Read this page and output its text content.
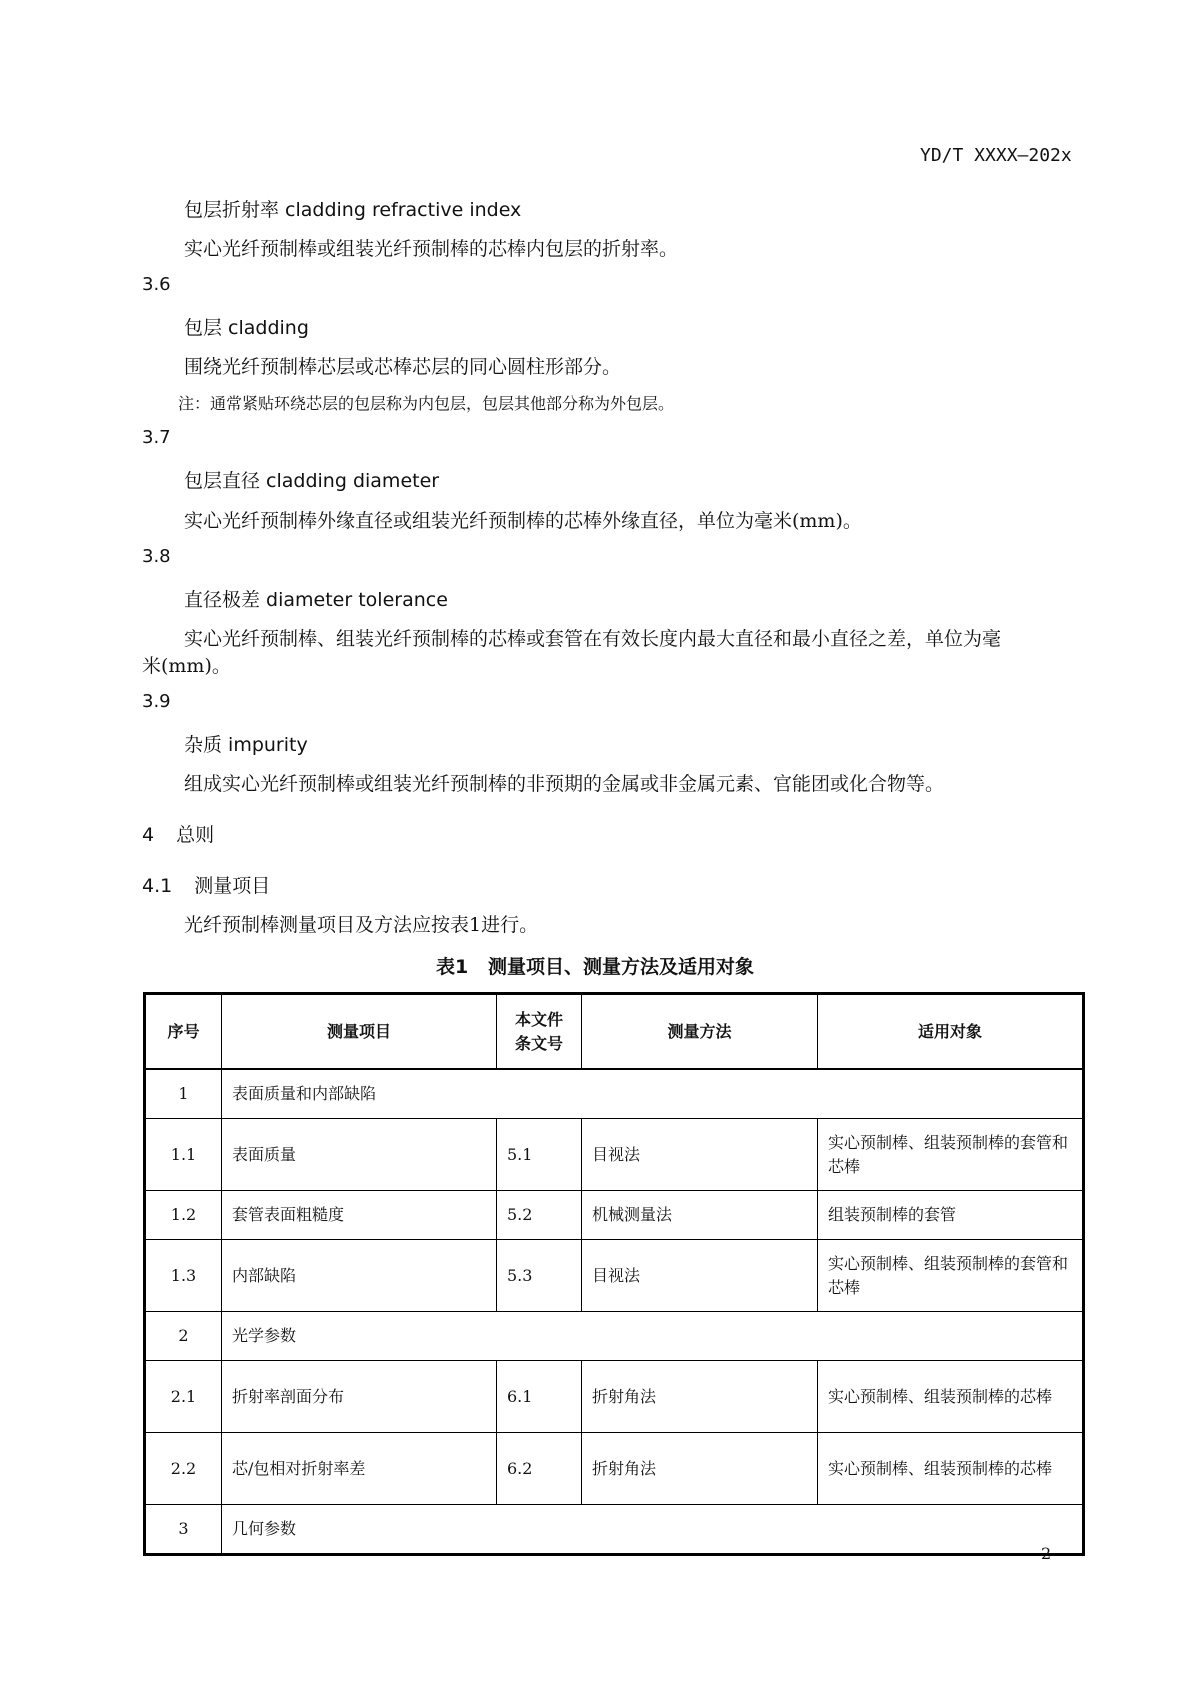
YD/T XXXX—202x
包层折射率 cladding refractive index
实心光纤预制棒或组装光纤预制棒的芯棒内包层的折射率。
3.6
包层 cladding
围绕光纤预制棒芯层或芯棒芯层的同心圆柱形部分。
注：通常紧贴环绕芯层的包层称为内包层，包层其他部分称为外包层。
3.7
包层直径 cladding diameter
实心光纤预制棒外缘直径或组装光纤预制棒的芯棒外缘直径，单位为毫米(mm)。
3.8
直径极差 diameter tolerance
实心光纤预制棒、组装光纤预制棒的芯棒或套管在有效长度内最大直径和最小直径之差，单位为毫
米(mm)。
3.9
杂质 impurity
组成实心光纤预制棒或组装光纤预制棒的非预期的金属或非金属元素、官能团或化合物等。
4 总则
4.1 测量项目
光纤预制棒测量项目及方法应按表1进行。
表1   测量项目、测量方法及适用对象
序号	测量项目	本文件条文号	测量方法	适用对象
1	表面质量和内部缺陷			
1.1	表面质量	5.1	目视法	实心预制棒、组装预制棒的套管和芯棒
1.2	套管表面粗糙度	5.2	机械测量法	组装预制棒的套管
1.3	内部缺陷	5.3	目视法	实心预制棒、组装预制棒的套管和芯棒
2	光学参数			
2.1	折射率剖面分布	6.1	折射角法	实心预制棒、组装预制棒的芯棒
2.2	芯/包相对折射率差	6.2	折射角法	实心预制棒、组装预制棒的芯棒
3	几何参数			
2
